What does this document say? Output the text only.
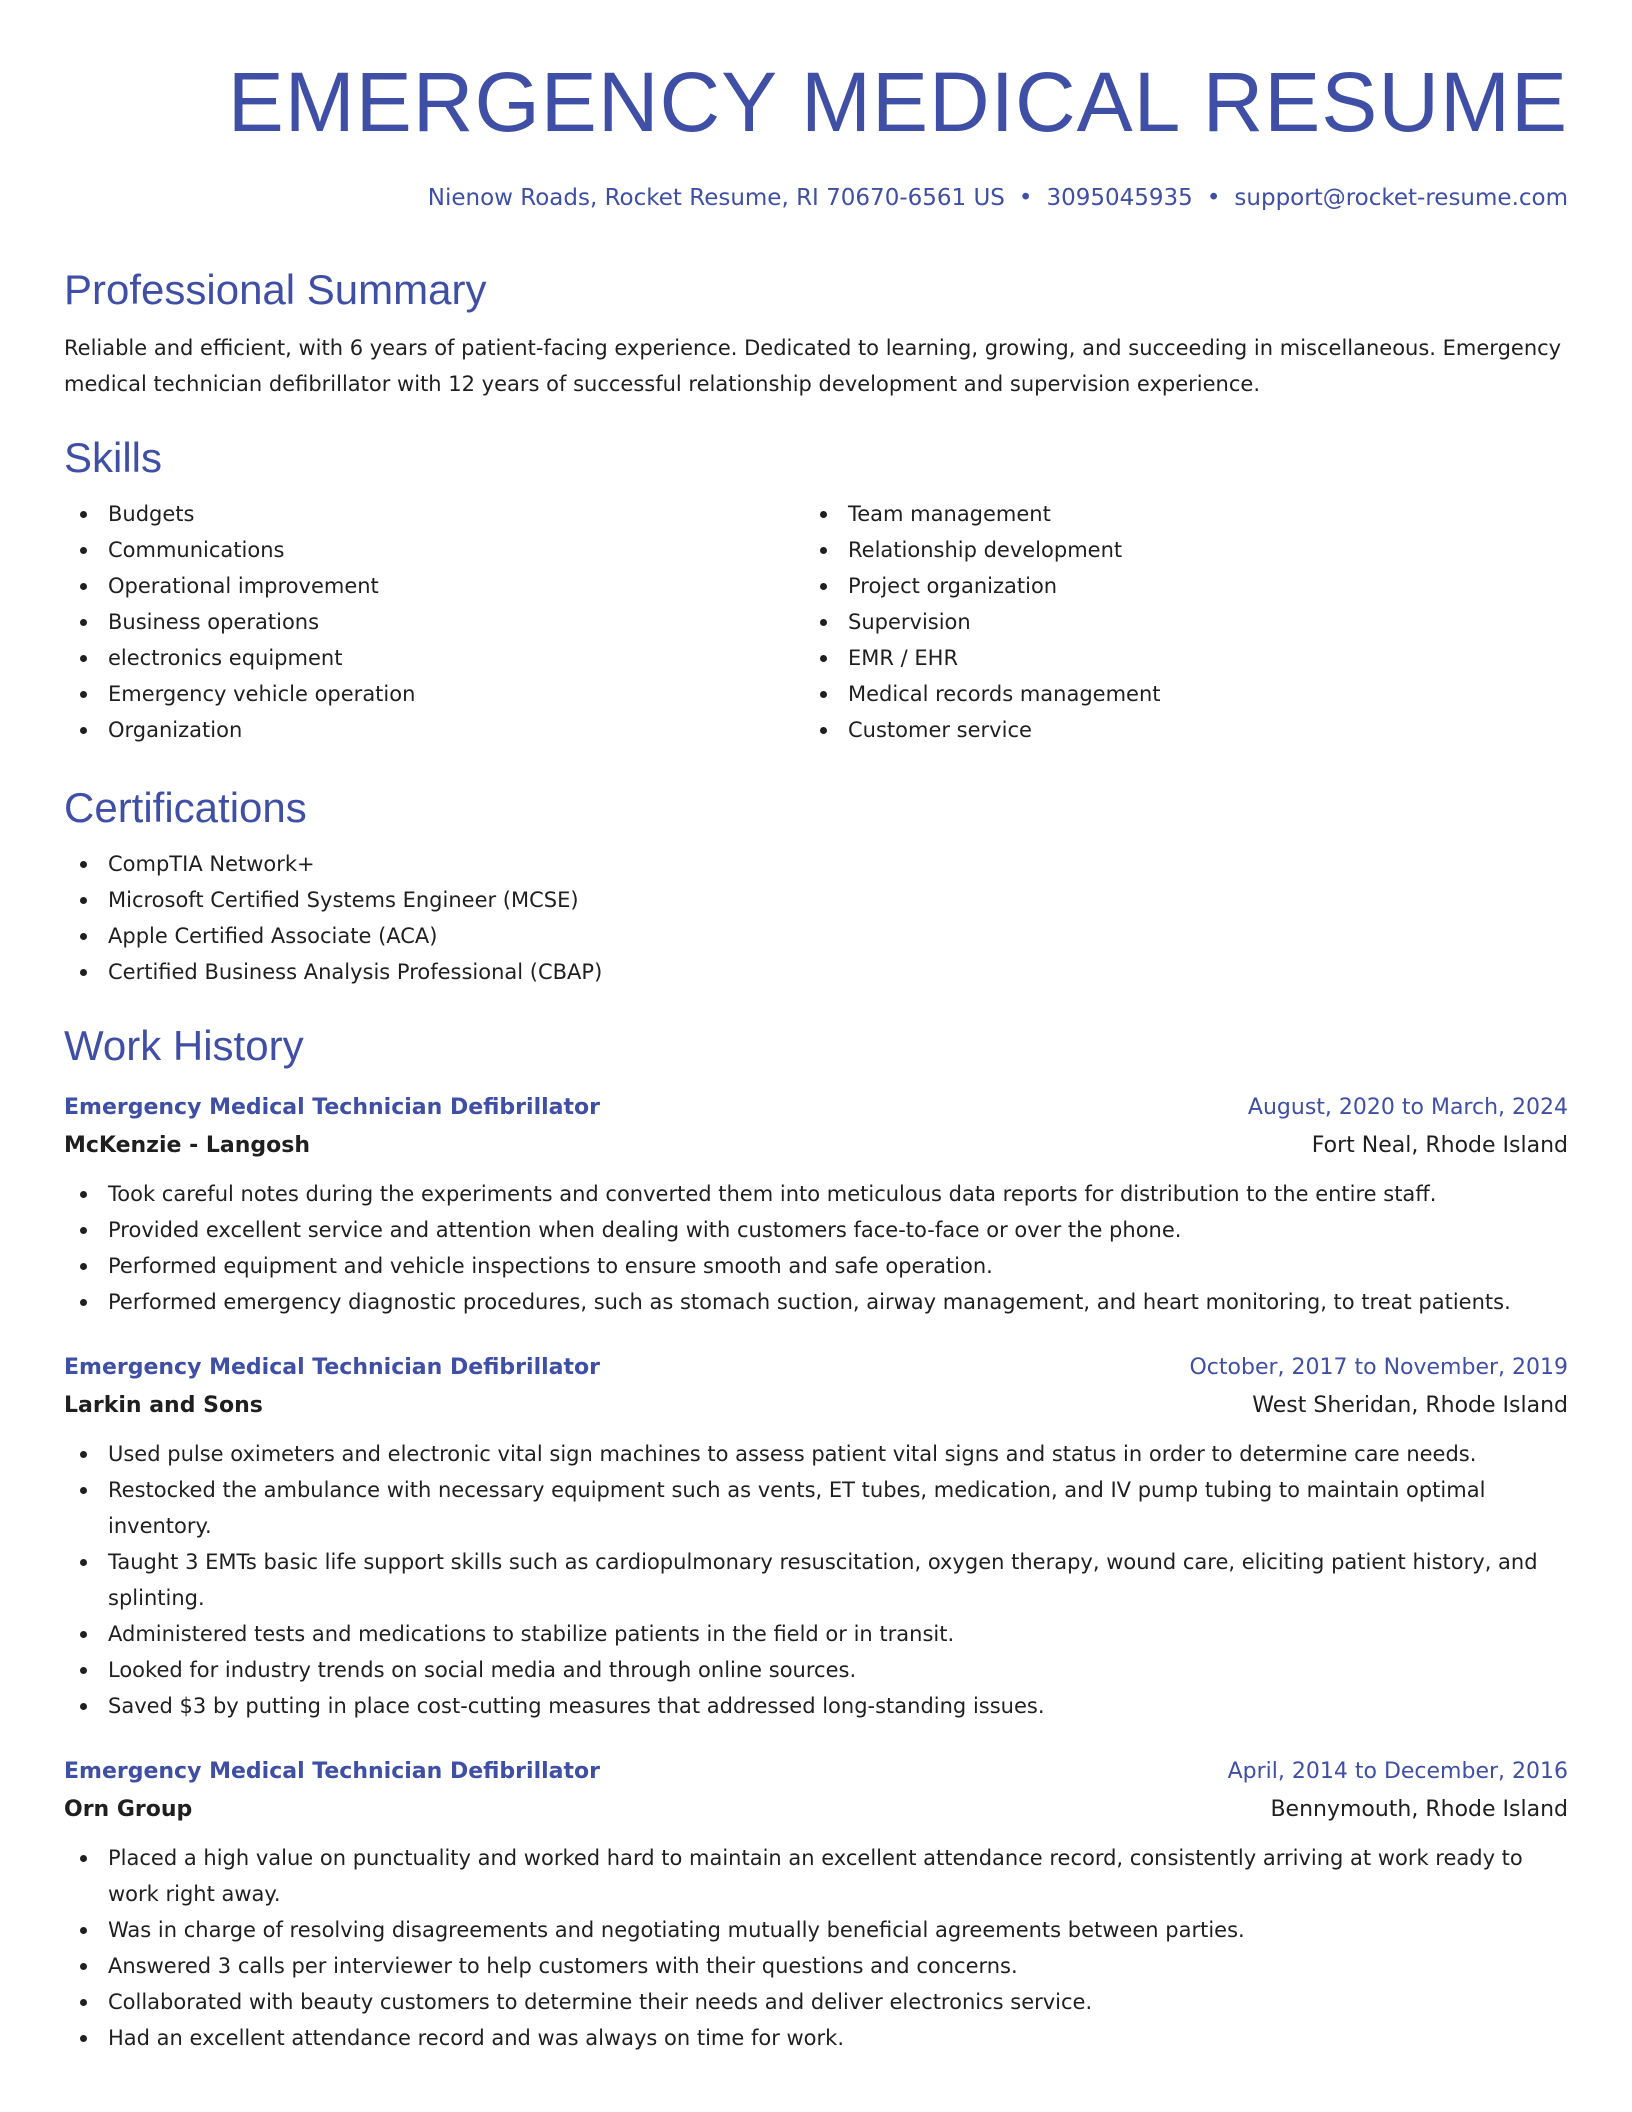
EMERGENCY MEDICAL RESUME
Nienow Roads, Rocket Resume, RI 70670-6561 US • 3095045935 • support@rocket-resume.com
Professional Summary

Reliable and efficient, with 6 years of patient-facing experience. Dedicated to learning, growing, and succeeding in miscellaneous. Emergency medical technician defibrillator with 12 years of successful relationship development and supervision experience.

Skills
Budgets
Communications
Operational improvement
Business operations
electronics equipment
Emergency vehicle operation
Organization
Team management
Relationship development
Project organization
Supervision
EMR / EHR
Medical records management
Customer service
Certifications
CompTIA Network+
Microsoft Certified Systems Engineer (MCSE)
Apple Certified Associate (ACA)
Certified Business Analysis Professional (CBAP)
Work History
Emergency Medical Technician Defibrillator	August, 2020 to March, 2024
McKenzie - Langosh	Fort Neal, Rhode Island
Took careful notes during the experiments and converted them into meticulous data reports for distribution to the entire staff.
Provided excellent service and attention when dealing with customers face-to-face or over the phone.
Performed equipment and vehicle inspections to ensure smooth and safe operation.
Performed emergency diagnostic procedures, such as stomach suction, airway management, and heart monitoring, to treat patients.
Emergency Medical Technician Defibrillator	October, 2017 to November, 2019
Larkin and Sons	West Sheridan, Rhode Island
Used pulse oximeters and electronic vital sign machines to assess patient vital signs and status in order to determine care needs.
Restocked the ambulance with necessary equipment such as vents, ET tubes, medication, and IV pump tubing to maintain optimal inventory.
Taught 3 EMTs basic life support skills such as cardiopulmonary resuscitation, oxygen therapy, wound care, eliciting patient history, and splinting.
Administered tests and medications to stabilize patients in the field or in transit.
Looked for industry trends on social media and through online sources.
Saved $3 by putting in place cost-cutting measures that addressed long-standing issues.
Emergency Medical Technician Defibrillator	April, 2014 to December, 2016
Orn Group	Bennymouth, Rhode Island
Placed a high value on punctuality and worked hard to maintain an excellent attendance record, consistently arriving at work ready to work right away.
Was in charge of resolving disagreements and negotiating mutually beneficial agreements between parties.
Answered 3 calls per interviewer to help customers with their questions and concerns.
Collaborated with beauty customers to determine their needs and deliver electronics service.
Had an excellent attendance record and was always on time for work.
